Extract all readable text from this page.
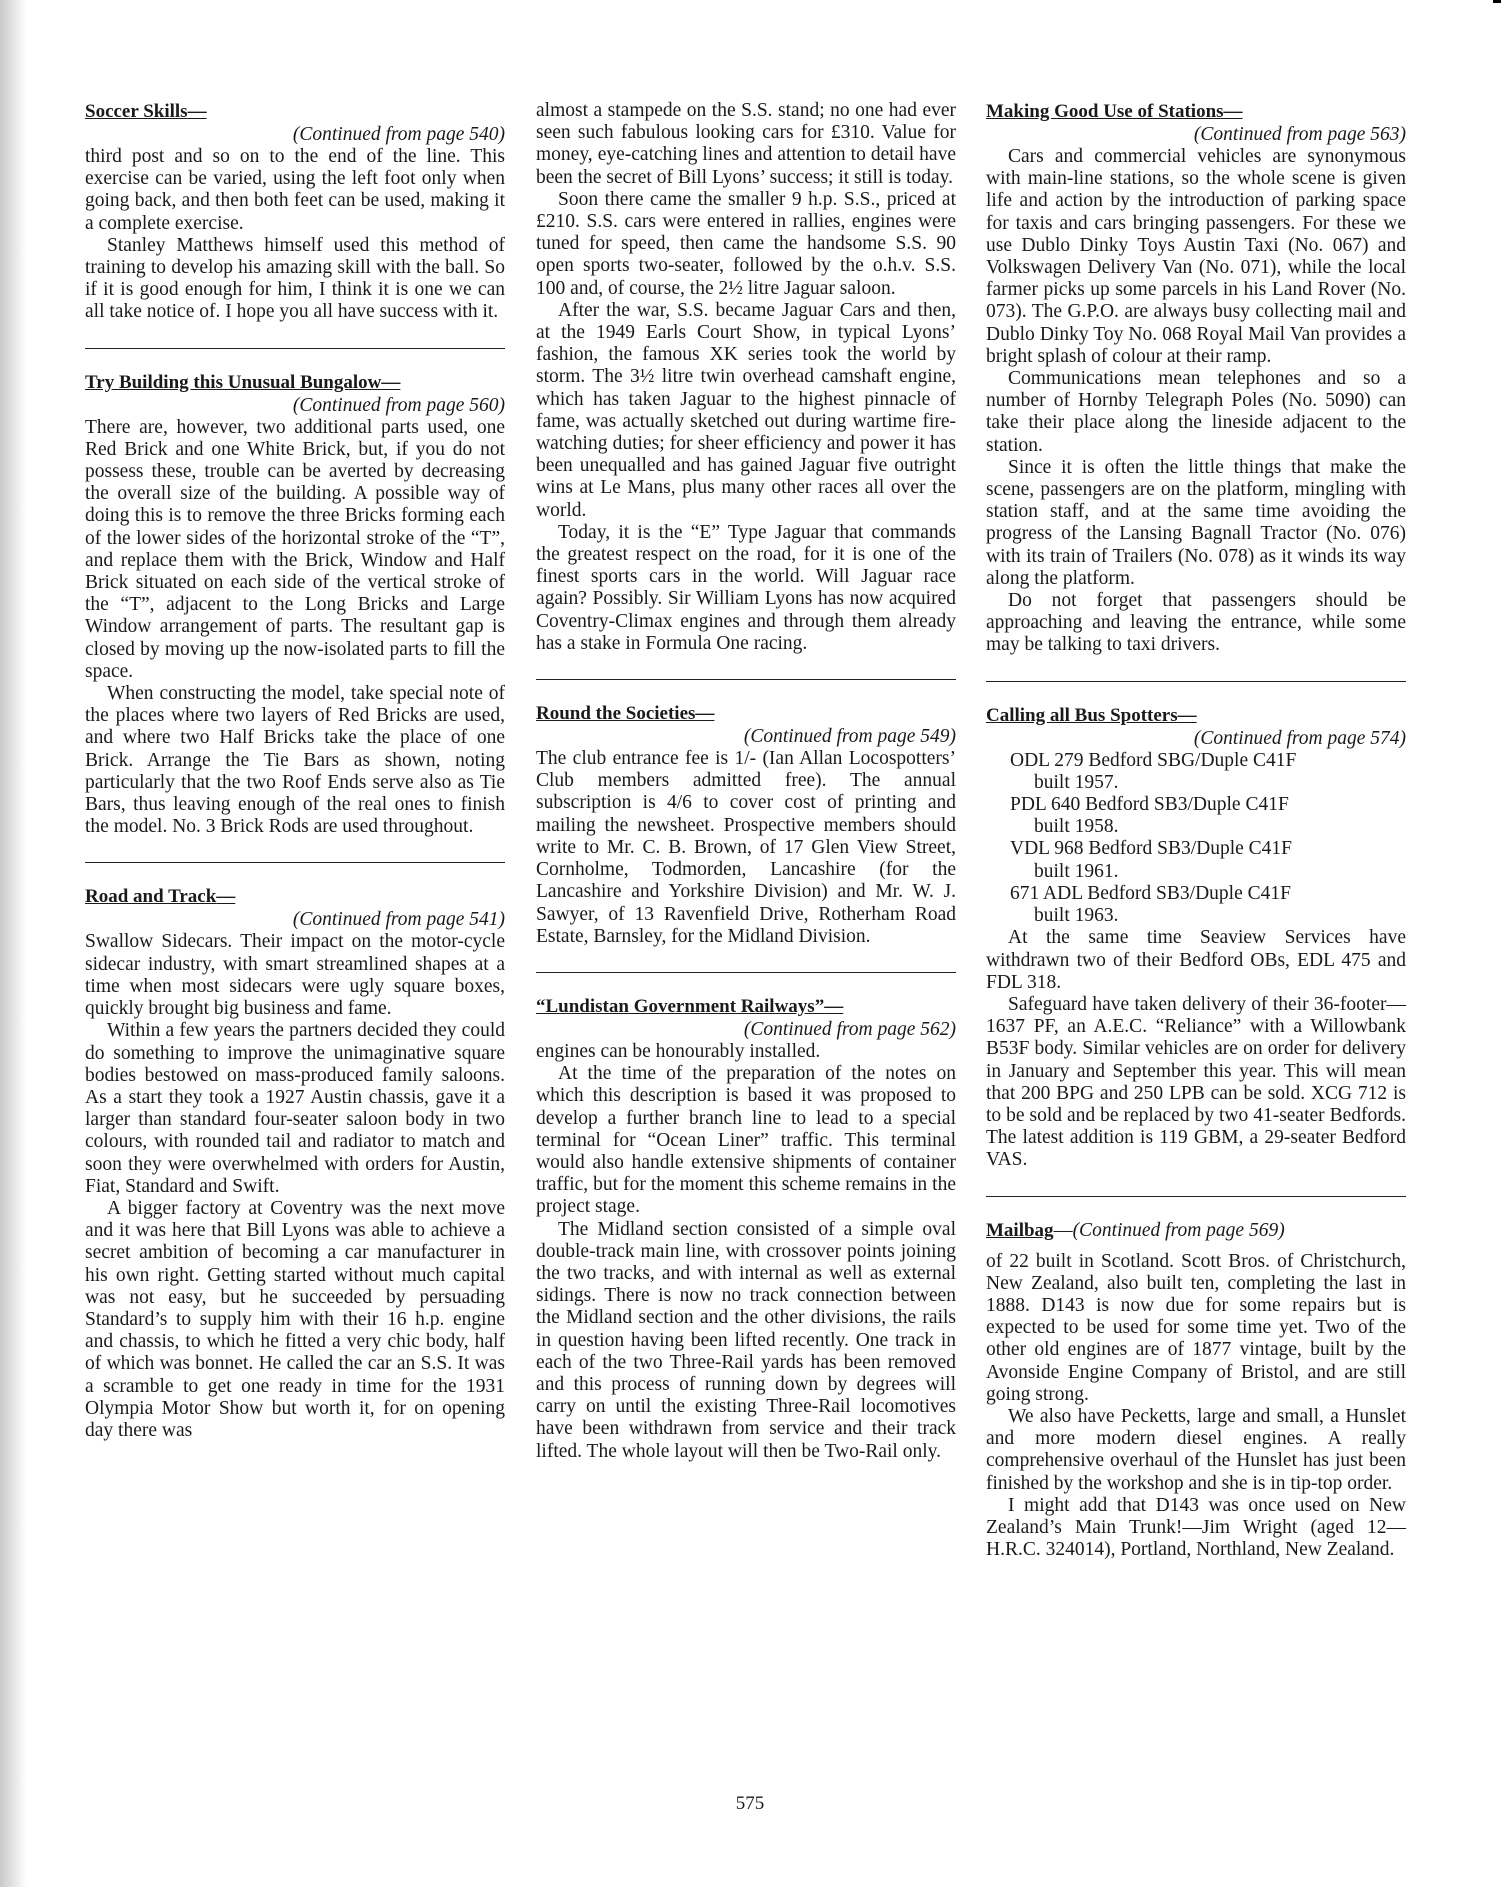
Soccer Skills—
(Continued from page 540)

third post and so on to the end of the line. This exercise can be varied, using the left foot only when going back, and then both feet can be used, making it a complete exercise.

Stanley Matthews himself used this method of training to develop his amazing skill with the ball. So if it is good enough for him, I think it is one we can all take notice of. I hope you all have success with it.

Try Building this Unusual Bungalow—
(Continued from page 560)

There are, however, two additional parts used, one Red Brick and one White Brick, but, if you do not possess these, trouble can be averted by decreasing the overall size of the building. A possible way of doing this is to remove the three Bricks forming each of the lower sides of the horizontal stroke of the “T”, and replace them with the Brick, Window and Half Brick situated on each side of the vertical stroke of the “T”, adjacent to the Long Bricks and Large Window arrangement of parts. The resultant gap is closed by moving up the now-isolated parts to fill the space.

When constructing the model, take special note of the places where two layers of Red Bricks are used, and where two Half Bricks take the place of one Brick. Arrange the Tie Bars as shown, noting particularly that the two Roof Ends serve also as Tie Bars, thus leaving enough of the real ones to finish the model. No. 3 Brick Rods are used throughout.

Road and Track—
(Continued from page 541)

Swallow Sidecars. Their impact on the motor-cycle sidecar industry, with smart streamlined shapes at a time when most sidecars were ugly square boxes, quickly brought big business and fame.

Within a few years the partners decided they could do something to improve the unimaginative square bodies bestowed on mass-produced family saloons. As a start they took a 1927 Austin chassis, gave it a larger than standard four-seater saloon body in two colours, with rounded tail and radiator to match and soon they were overwhelmed with orders for Austin, Fiat, Standard and Swift.

A bigger factory at Coventry was the next move and it was here that Bill Lyons was able to achieve a secret ambition of becoming a car manufacturer in his own right. Getting started without much capital was not easy, but he succeeded by persuading Standard’s to supply him with their 16 h.p. engine and chassis, to which he fitted a very chic body, half of which was bonnet. He called the car an S.S. It was a scramble to get one ready in time for the 1931 Olympia Motor Show but worth it, for on opening day there was

almost a stampede on the S.S. stand; no one had ever seen such fabulous looking cars for £310. Value for money, eye-catching lines and attention to detail have been the secret of Bill Lyons’ success; it still is today.

Soon there came the smaller 9 h.p. S.S., priced at £210. S.S. cars were entered in rallies, engines were tuned for speed, then came the handsome S.S. 90 open sports two-seater, followed by the o.h.v. S.S. 100 and, of course, the 2½ litre Jaguar saloon.

After the war, S.S. became Jaguar Cars and then, at the 1949 Earls Court Show, in typical Lyons’ fashion, the famous XK series took the world by storm. The 3½ litre twin overhead camshaft engine, which has taken Jaguar to the highest pinnacle of fame, was actually sketched out during wartime fire-watching duties; for sheer efficiency and power it has been unequalled and has gained Jaguar five outright wins at Le Mans, plus many other races all over the world.

Today, it is the “E” Type Jaguar that commands the greatest respect on the road, for it is one of the finest sports cars in the world. Will Jaguar race again? Possibly. Sir William Lyons has now acquired Coventry-Climax engines and through them already has a stake in Formula One racing.

Round the Societies—
(Continued from page 549)

The club entrance fee is 1/- (Ian Allan Locospotters’ Club members admitted free). The annual subscription is 4/6 to cover cost of printing and mailing the newsheet. Prospective members should write to Mr. C. B. Brown, of 17 Glen View Street, Cornholme, Todmorden, Lancashire (for the Lancashire and Yorkshire Division) and Mr. W. J. Sawyer, of 13 Ravenfield Drive, Rotherham Road Estate, Barnsley, for the Midland Division.

“Lundistan Government Railways”—
(Continued from page 562)

engines can be honourably installed.

At the time of the preparation of the notes on which this description is based it was proposed to develop a further branch line to lead to a special terminal for “Ocean Liner” traffic. This terminal would also handle extensive shipments of container traffic, but for the moment this scheme remains in the project stage.

The Midland section consisted of a simple oval double-track main line, with crossover points joining the two tracks, and with internal as well as external sidings. There is now no track connection between the Midland section and the other divisions, the rails in question having been lifted recently. One track in each of the two Three-Rail yards has been removed and this process of running down by degrees will carry on until the existing Three-Rail locomotives have been withdrawn from service and their track lifted. The whole layout will then be Two-Rail only.

Making Good Use of Stations—
(Continued from page 563)

Cars and commercial vehicles are synonymous with main-line stations, so the whole scene is given life and action by the introduction of parking space for taxis and cars bringing passengers. For these we use Dublo Dinky Toys Austin Taxi (No. 067) and Volkswagen Delivery Van (No. 071), while the local farmer picks up some parcels in his Land Rover (No. 073). The G.P.O. are always busy collecting mail and Dublo Dinky Toy No. 068 Royal Mail Van provides a bright splash of colour at their ramp.

Communications mean telephones and so a number of Hornby Telegraph Poles (No. 5090) can take their place along the lineside adjacent to the station.

Since it is often the little things that make the scene, passengers are on the platform, mingling with station staff, and at the same time avoiding the progress of the Lansing Bagnall Tractor (No. 076) with its train of Trailers (No. 078) as it winds its way along the platform.

Do not forget that passengers should be approaching and leaving the entrance, while some may be talking to taxi drivers.

Calling all Bus Spotters—
(Continued from page 574)
ODL 279 Bedford SBG/Duple C41F
built 1957.
PDL 640 Bedford SB3/Duple C41F
built 1958.
VDL 968 Bedford SB3/Duple C41F
built 1961.
671 ADL Bedford SB3/Duple C41F
built 1963.

At the same time Seaview Services have withdrawn two of their Bedford OBs, EDL 475 and FDL 318.

Safeguard have taken delivery of their 36-footer—1637 PF, an A.E.C. “Reliance” with a Willowbank B53F body. Similar vehicles are on order for delivery in January and September this year. This will mean that 200 BPG and 250 LPB can be sold. XCG 712 is to be sold and be replaced by two 41-seater Bedfords. The latest addition is 119 GBM, a 29-seater Bedford VAS.

Mailbag—(Continued from page 569)

of 22 built in Scotland. Scott Bros. of Christchurch, New Zealand, also built ten, completing the last in 1888. D143 is now due for some repairs but is expected to be used for some time yet. Two of the other old engines are of 1877 vintage, built by the Avonside Engine Company of Bristol, and are still going strong.

We also have Pecketts, large and small, a Hunslet and more modern diesel engines. A really comprehensive overhaul of the Hunslet has just been finished by the workshop and she is in tip-top order.

I might add that D143 was once used on New Zealand’s Main Trunk!—Jim Wright (aged 12—H.R.C. 324014), Portland, Northland, New Zealand.

575
